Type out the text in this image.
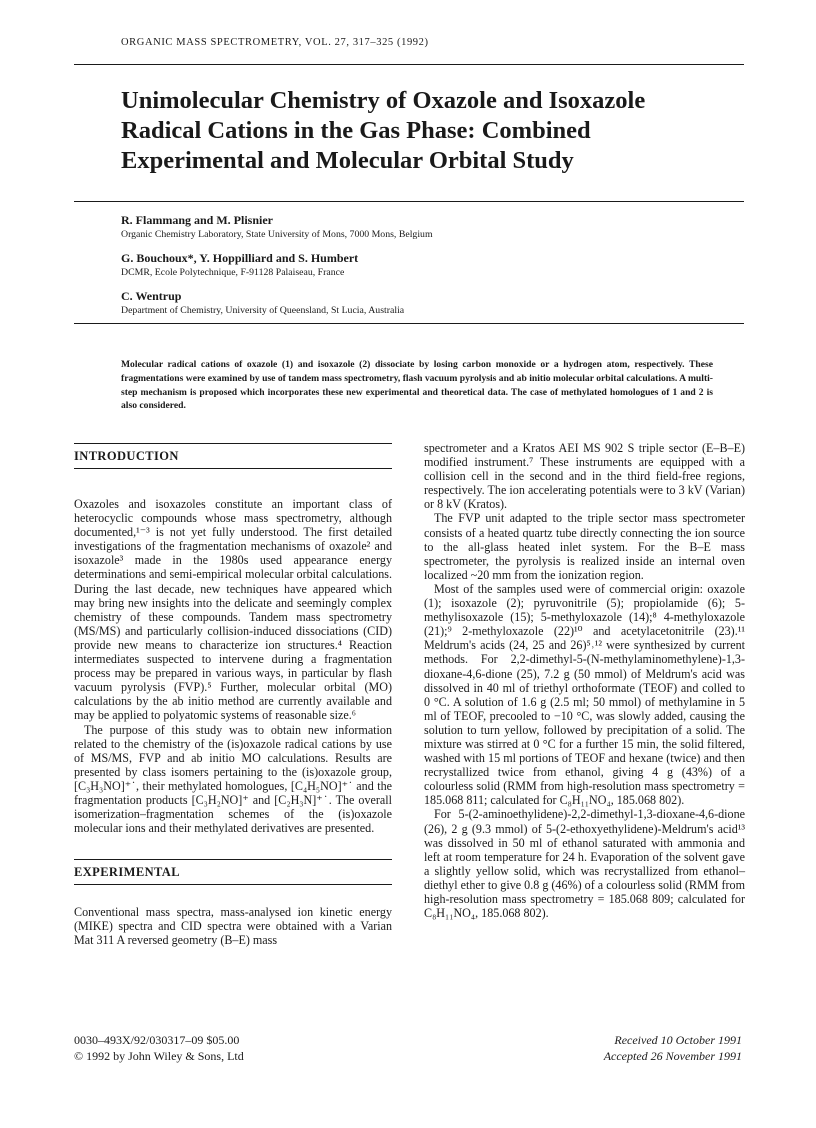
ORGANIC MASS SPECTROMETRY, VOL. 27, 317–325 (1992)
Unimolecular Chemistry of Oxazole and Isoxazole Radical Cations in the Gas Phase: Combined Experimental and Molecular Orbital Study
R. Flammang and M. Plisnier
Organic Chemistry Laboratory, State University of Mons, 7000 Mons, Belgium
G. Bouchoux*, Y. Hoppilliard and S. Humbert
DCMR, Ecole Polytechnique, F-91128 Palaiseau, France
C. Wentrup
Department of Chemistry, University of Queensland, St Lucia, Australia

Molecular radical cations of oxazole (1) and isoxazole (2) dissociate by losing carbon monoxide or a hydrogen atom, respectively. These fragmentations were examined by use of tandem mass spectrometry, flash vacuum pyrolysis and ab initio molecular orbital calculations. A multi-step mechanism is proposed which incorporates these new experimental and theoretical data. The case of methylated homologues of 1 and 2 is also considered.

INTRODUCTION

Oxazoles and isoxazoles constitute an important class of heterocyclic compounds whose mass spectrometry, although documented,¹⁻³ is not yet fully understood. The first detailed investigations of the fragmentation mechanisms of oxazole² and isoxazole³ made in the 1980s used appearance energy determinations and semi-empirical molecular orbital calculations. During the last decade, new techniques have appeared which may bring new insights into the delicate and seemingly complex chemistry of these compounds. Tandem mass spectrometry (MS/MS) and particularly collision-induced dissociations (CID) provide new means to characterize ion structures.⁴ Reaction intermediates suspected to intervene during a fragmentation process may be prepared in various ways, in particular by flash vacuum pyrolysis (FVP).⁵ Further, molecular orbital (MO) calculations by the ab initio method are currently available and may be applied to polyatomic systems of reasonable size.⁶

The purpose of this study was to obtain new information related to the chemistry of the (is)oxazole radical cations by use of MS/MS, FVP and ab initio MO calculations. Results are presented by class isomers pertaining to the (is)oxazole group, [C₃H₃NO]⁺˙, their methylated homologues, [C₄H₅NO]⁺˙ and the fragmentation products [C₃H₂NO]⁺ and [C₂H₃N]⁺˙. The overall isomerization–fragmentation schemes of the (is)oxazole molecular ions and their methylated derivatives are presented.

EXPERIMENTAL

Conventional mass spectra, mass-analysed ion kinetic energy (MIKE) spectra and CID spectra were obtained with a Varian Mat 311 A reversed geometry (B–E) mass

spectrometer and a Kratos AEI MS 902 S triple sector (E–B–E) modified instrument.⁷ These instruments are equipped with a collision cell in the second and in the third field-free regions, respectively. The ion accelerating potentials were to 3 kV (Varian) or 8 kV (Kratos).

The FVP unit adapted to the triple sector mass spectrometer consists of a heated quartz tube directly connecting the ion source to the all-glass heated inlet system. For the B–E mass spectrometer, the pyrolysis is realized inside an internal oven localized ~20 mm from the ionization region.

Most of the samples used were of commercial origin: oxazole (1); isoxazole (2); pyruvonitrile (5); propiolamide (6); 5-methylisoxazole (15); 5-methyloxazole (14);⁸ 4-methyloxazole (21);⁹ 2-methyloxazole (22)¹⁰ and acetylacetonitrile (23).¹¹ Meldrum's acids (24, 25 and 26)⁵˒¹² were synthesized by current methods. For 2,2-dimethyl-5-(N-methylaminomethylene)-1,3-dioxane-4,6-dione (25), 7.2 g (50 mmol) of Meldrum's acid was dissolved in 40 ml of triethyl orthoformate (TEOF) and colled to 0 °C. A solution of 1.6 g (2.5 ml; 50 mmol) of methylamine in 5 ml of TEOF, precooled to −10 °C, was slowly added, causing the solution to turn yellow, followed by precipitation of a solid. The mixture was stirred at 0 °C for a further 15 min, the solid filtered, washed with 15 ml portions of TEOF and hexane (twice) and then recrystallized twice from ethanol, giving 4 g (43%) of a colourless solid (RMM from high-resolution mass spectrometry = 185.068 811; calculated for C₈H₁₁NO₄, 185.068 802).

For 5-(2-aminoethylidene)-2,2-dimethyl-1,3-dioxane-4,6-dione (26), 2 g (9.3 mmol) of 5-(2-ethoxyethylidene)-Meldrum's acid¹³ was dissolved in 50 ml of ethanol saturated with ammonia and left at room temperature for 24 h. Evaporation of the solvent gave a slightly yellow solid, which was recrystallized from ethanol–diethyl ether to give 0.8 g (46%) of a colourless solid (RMM from high-resolution mass spectrometry = 185.068 809; calculated for C₈H₁₁NO₄, 185.068 802).

0030–493X/92/030317–09 $05.00
© 1992 by John Wiley & Sons, Ltd
Received 10 October 1991
Accepted 26 November 1991
